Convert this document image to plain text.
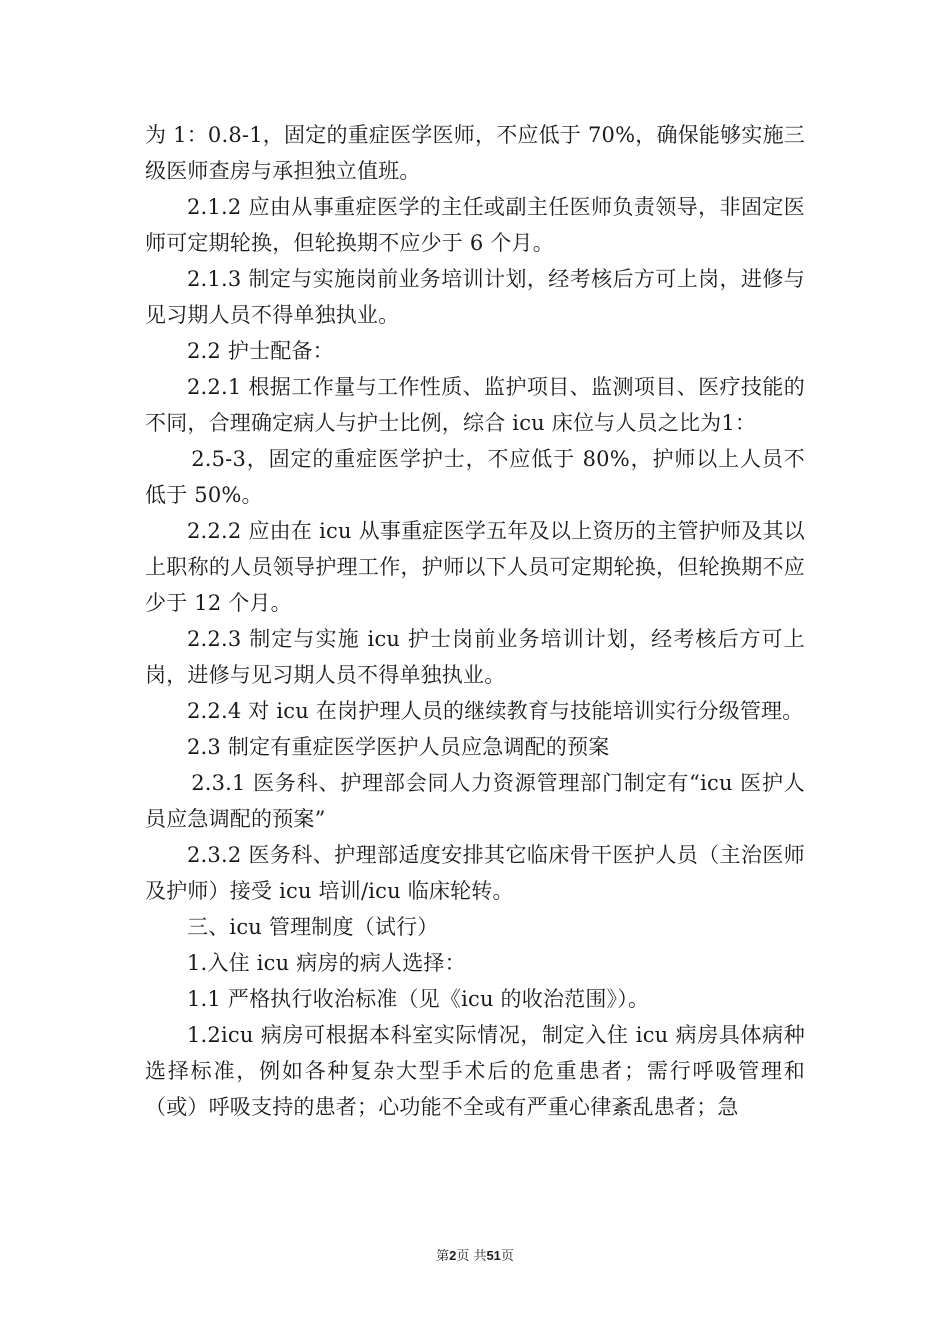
为 1：0.8-1，固定的重症医学医师，不应低于 70%，确保能够实施三级医师查房与承担独立值班。

2.1.2 应由从事重症医学的主任或副主任医师负责领导，非固定医师可定期轮换，但轮换期不应少于 6 个月。

2.1.3 制定与实施岗前业务培训计划，经考核后方可上岗，进修与见习期人员不得单独执业。

2.2 护士配备：

2.2.1 根据工作量与工作性质、监护项目、监测项目、医疗技能的不同，合理确定病人与护士比例，综合 icu 床位与人员之比为1：

2.5-3，固定的重症医学护士，不应低于 80%，护师以上人员不低于 50%。

2.2.2 应由在 icu 从事重症医学五年及以上资历的主管护师及其以上职称的人员领导护理工作，护师以下人员可定期轮换，但轮换期不应少于 12 个月。

2.2.3 制定与实施 icu 护士岗前业务培训计划，经考核后方可上岗，进修与见习期人员不得单独执业。

2.2.4 对 icu 在岗护理人员的继续教育与技能培训实行分级管理。

2.3 制定有重症医学医护人员应急调配的预案

2.3.1 医务科、护理部会同人力资源管理部门制定有“icu 医护人员应急调配的预案”

2.3.2 医务科、护理部适度安排其它临床骨干医护人员（主治医师及护师）接受 icu 培训/icu 临床轮转。

三、icu 管理制度（试行）

1.入住 icu 病房的病人选择：

1.1 严格执行收治标准（见《icu 的收治范围》）。

1.2icu 病房可根据本科室实际情况，制定入住 icu 病房具体病种选择标准，例如各种复杂大型手术后的危重患者；需行呼吸管理和（或）呼吸支持的患者；心功能不全或有严重心律紊乱患者；急

第2页 共51页
